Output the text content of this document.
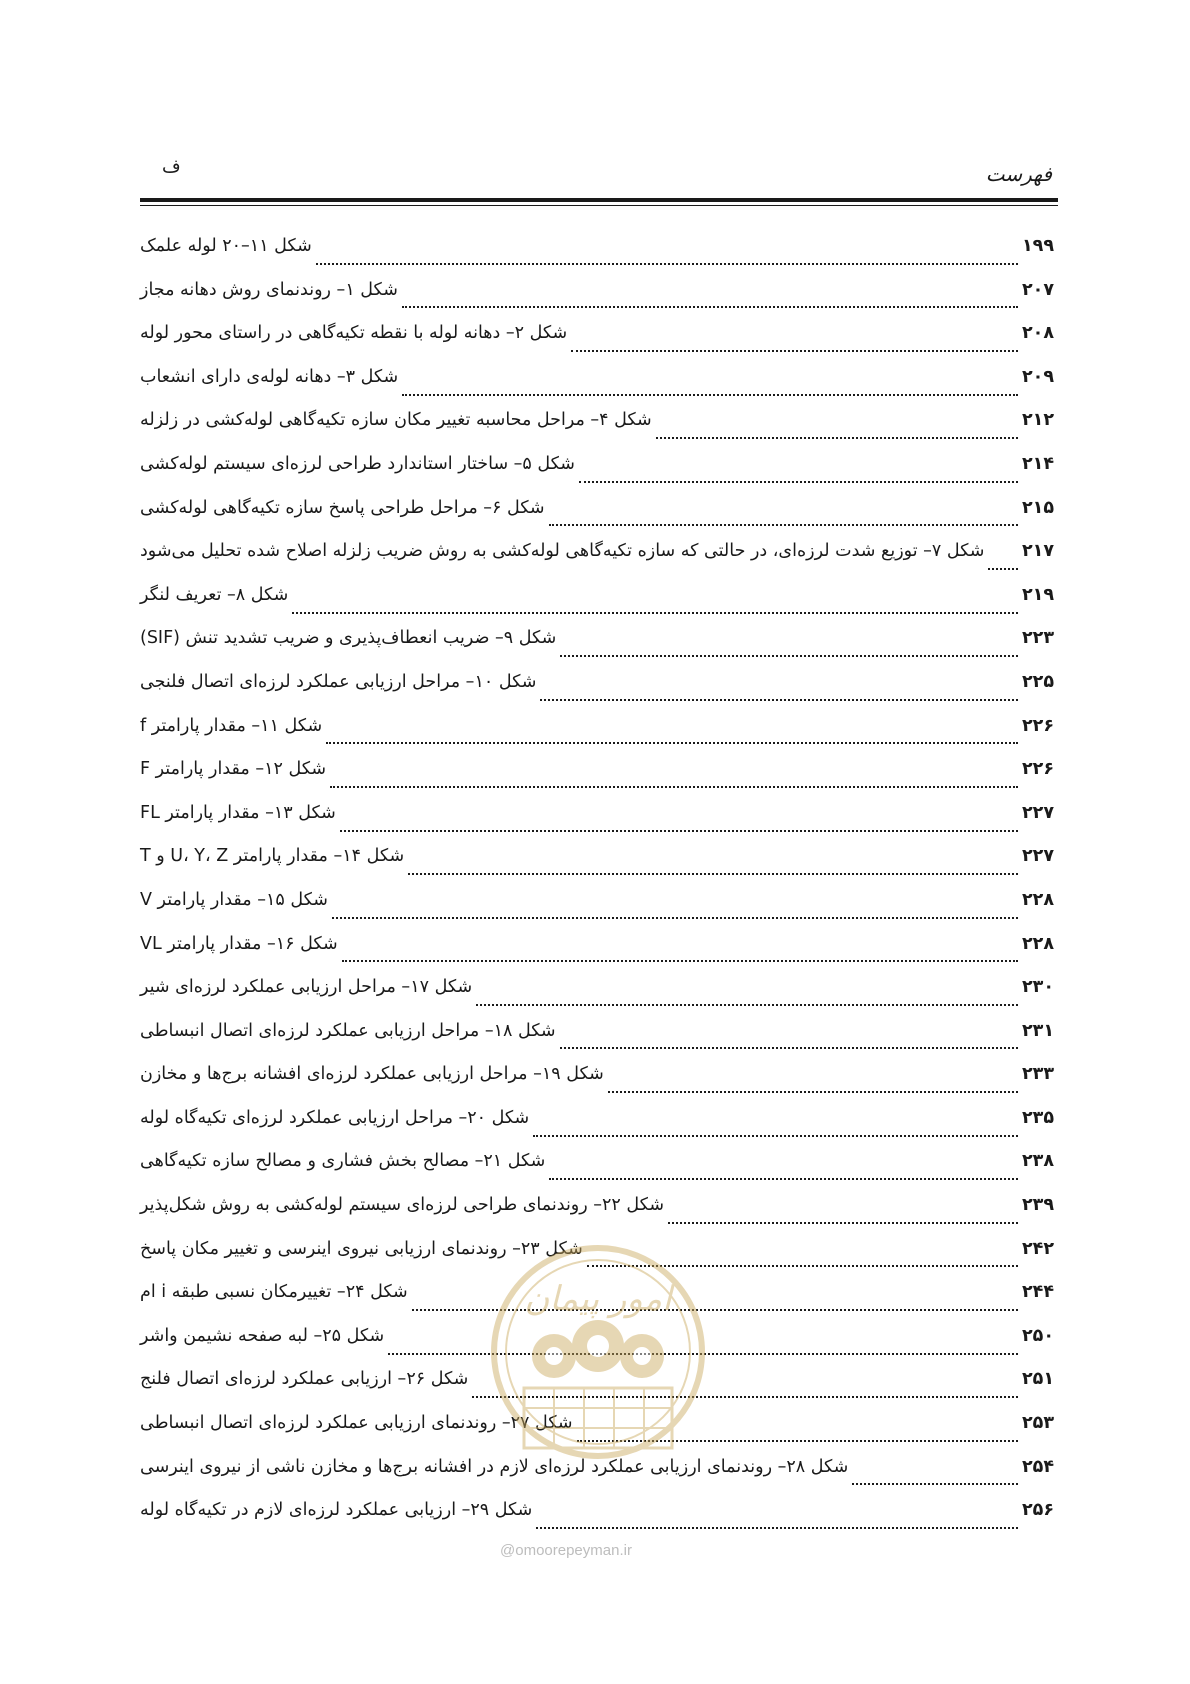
فهرست
ف
شکل ۱۱–۲۰ لوله علمک	۱۹۹
شکل ۱– روندنمای روش دهانه مجاز	۲۰۷
شکل ۲– دهانه لوله با نقطه تکیه‌گاهی در راستای محور لوله	۲۰۸
شکل ۳– دهانه لوله‌ی دارای انشعاب	۲۰۹
شکل ۴– مراحل محاسبه تغییر مکان سازه تکیه‌گاهی لوله‌کشی در زلزله	۲۱۲
شکل ۵– ساختار استاندارد طراحی لرزه‌ای سیستم لوله‌کشی	۲۱۴
شکل ۶– مراحل طراحی پاسخ سازه تکیه‌گاهی لوله‌کشی	۲۱۵
شکل ۷– توزیع شدت لرزه‌ای، در حالتی که سازه تکیه‌گاهی لوله‌کشی به روش ضریب زلزله اصلاح شده تحلیل می‌شود ۲۱۷
شکل ۸– تعریف لنگر	۲۱۹
شکل ۹– ضریب انعطاف‌پذیری و ضریب تشدید تنش (SIF)	۲۲۳
شکل ۱۰– مراحل ارزیابی عملکرد لرزه‌ای اتصال فلنجی	۲۲۵
شکل ۱۱– مقدار پارامتر f	۲۲۶
شکل ۱۲– مقدار پارامتر F	۲۲۶
شکل ۱۳– مقدار پارامتر FL	۲۲۷
شکل ۱۴– مقدار پارامتر U، Y، Z و T	۲۲۷
شکل ۱۵– مقدار پارامتر V	۲۲۸
شکل ۱۶– مقدار پارامتر VL	۲۲۸
شکل ۱۷– مراحل ارزیابی عملکرد لرزه‌ای شیر	۲۳۰
شکل ۱۸– مراحل ارزیابی عملکرد لرزه‌ای اتصال انبساطی	۲۳۱
شکل ۱۹– مراحل ارزیابی عملکرد لرزه‌ای افشانه برج‌ها و مخازن	۲۳۳
شکل ۲۰– مراحل ارزیابی عملکرد لرزه‌ای تکیه‌گاه لوله	۲۳۵
شکل ۲۱– مصالح بخش فشاری و مصالح سازه تکیه‌گاهی	۲۳۸
شکل ۲۲– روندنمای طراحی لرزه‌ای سیستم لوله‌کشی به روش شکل‌پذیر	۲۳۹
شکل ۲۳– روندنمای ارزیابی نیروی اینرسی و تغییر مکان پاسخ	۲۴۲
شکل ۲۴– تغییرمکان نسبی طبقه i ام	۲۴۴
شکل ۲۵– لبه صفحه نشیمن واشر	۲۵۰
شکل ۲۶– ارزیابی عملکرد لرزه‌ای اتصال فلنج	۲۵۱
شکل ۲۷– روندنمای ارزیابی عملکرد لرزه‌ای اتصال انبساطی	۲۵۳
شکل ۲۸– روندنمای ارزیابی عملکرد لرزه‌ای لازم در افشانه برج‌ها و مخازن ناشی از نیروی اینرسی	۲۵۴
شکل ۲۹– ارزیابی عملکرد لرزه‌ای لازم در تکیه‌گاه لوله	۲۵۶
امور پیمان
@omoorepeyman.ir
